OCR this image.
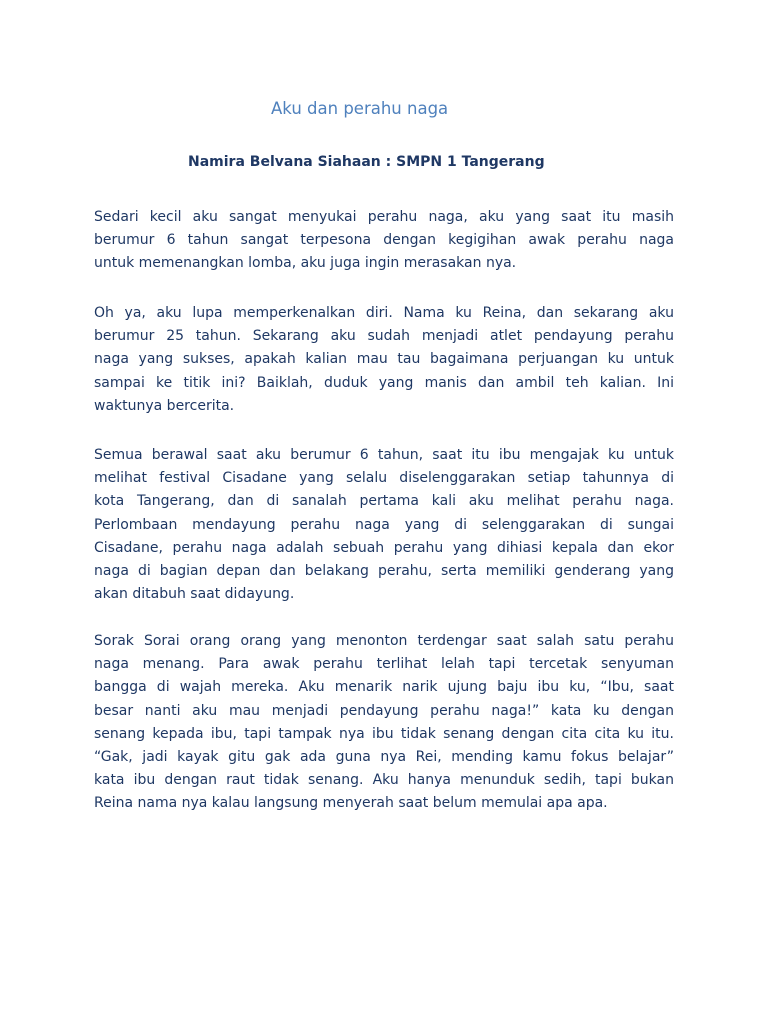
Aku dan perahu naga

Namira Belvana Siahaan : SMPN 1 Tangerang

Sedari kecil aku sangat menyukai perahu naga, aku yang saat itu masih
berumur 6 tahun sangat terpesona dengan kegigihan awak perahu naga
untuk memenangkan lomba, aku juga ingin merasakan nya.

Oh ya, aku lupa memperkenalkan diri. Nama ku Reina, dan sekarang aku
berumur 25 tahun. Sekarang aku sudah menjadi atlet pendayung perahu
naga yang sukses, apakah kalian mau tau bagaimana perjuangan ku untuk
sampai ke titik ini? Baiklah, duduk yang manis dan ambil teh kalian. Ini
waktunya bercerita.

Semua berawal saat aku berumur 6 tahun, saat itu ibu mengajak ku untuk
melihat festival Cisadane yang selalu diselenggarakan setiap tahunnya di
kota Tangerang, dan di sanalah pertama kali aku melihat perahu naga.
Perlombaan mendayung perahu naga yang di selenggarakan di sungai
Cisadane, perahu naga adalah sebuah perahu yang dihiasi kepala dan ekor
naga di bagian depan dan belakang perahu, serta memiliki genderang yang
akan ditabuh saat didayung.

Sorak Sorai orang orang yang menonton terdengar saat salah satu perahu
naga menang. Para awak perahu terlihat lelah tapi tercetak senyuman
bangga di wajah mereka. Aku menarik narik ujung baju ibu ku, “Ibu, saat
besar nanti aku mau menjadi pendayung perahu naga!” kata ku dengan
senang kepada ibu, tapi tampak nya ibu tidak senang dengan cita cita ku itu.
“Gak, jadi kayak gitu gak ada guna nya Rei, mending kamu fokus belajar”
kata ibu dengan raut tidak senang. Aku hanya menunduk sedih, tapi bukan
Reina nama nya kalau langsung menyerah saat belum memulai apa apa.
